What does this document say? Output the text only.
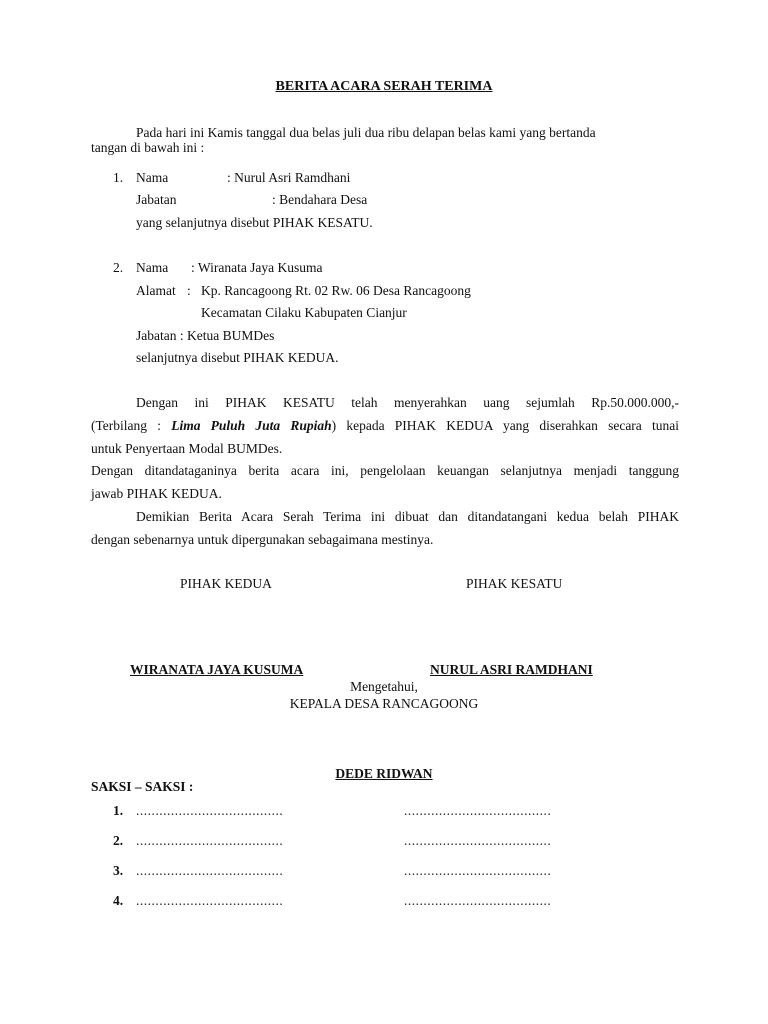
BERITA ACARA SERAH TERIMA
Pada hari ini Kamis tanggal dua belas juli dua ribu delapan belas kami yang bertanda
tangan di bawah ini :
1. Nama	: Nurul Asri Ramdhani
Jabatan	: Bendahara Desa
yang selanjutnya disebut PIHAK KESATU.
2. Nama : Wiranata Jaya Kusuma
Alamat : Kp. Rancagoong Rt. 02 Rw. 06 Desa Rancagoong
Kecamatan Cilaku Kabupaten Cianjur
Jabatan : Ketua BUMDes
selanjutnya disebut PIHAK KEDUA.
Dengan ini PIHAK KESATU telah menyerahkan uang sejumlah Rp.50.000.000,-
(Terbilang : Lima Puluh Juta Rupiah) kepada PIHAK KEDUA yang diserahkan secara tunai
untuk Penyertaan Modal BUMDes.
Dengan ditandataganinya berita acara ini, pengelolaan keuangan selanjutnya menjadi tanggung
jawab PIHAK KEDUA.
Demikian Berita Acara Serah Terima ini dibuat dan ditandatangani kedua belah PIHAK
dengan sebenarnya untuk dipergunakan sebagaimana mestinya.
PIHAK KEDUA	PIHAK KESATU
WIRANATA JAYA KUSUMA	NURUL ASRI RAMDHANI
Mengetahui,
KEPALA DESA RANCAGOONG
DEDE RIDWAN
SAKSI – SAKSI :
1. ......................................	......................................
2. ......................................	......................................
3. ......................................	......................................
4. ......................................	......................................
